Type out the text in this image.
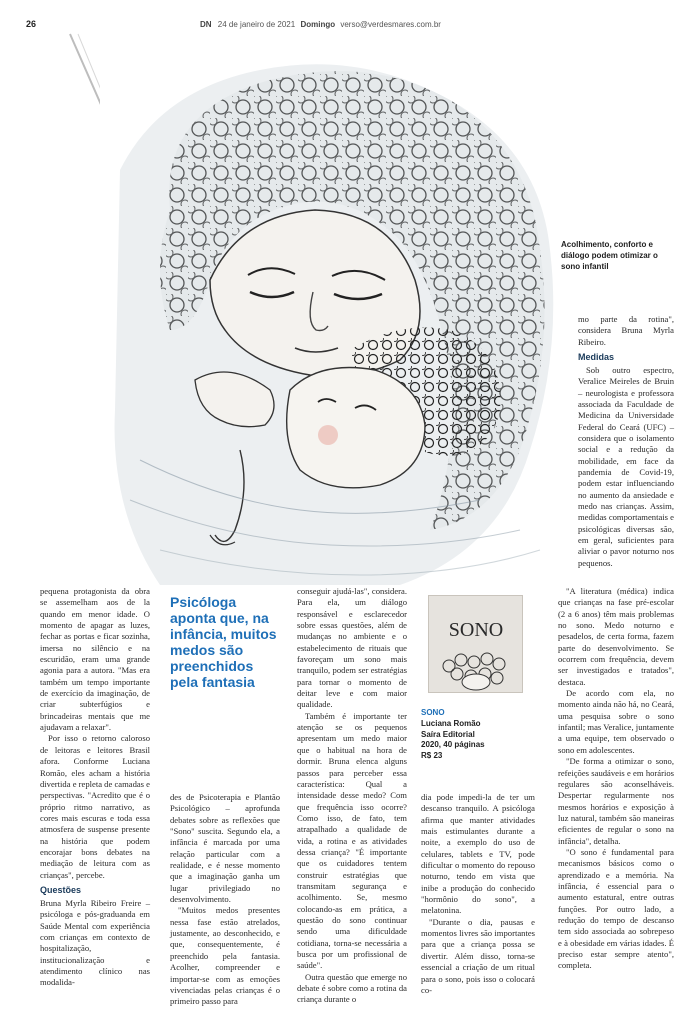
26	DN 24 de janeiro de 2021 Domingo verso@verdesmares.com.br
Acolhimento, conforto e diálogo podem otimizar o sono infantil

mo parte da rotina", considera Bruna Myrla Ribeiro.

Medidas

Sob outro espectro, Veralice Meireles de Bruin – neurologista e professora associada da Faculdade de Medicina da Universidade Federal do Ceará (UFC) – considera que o isolamento social e a redução da mobilidade, em face da pandemia de Covid-19, podem estar influenciando no aumento da ansiedade e medo nas crianças. Assim, medidas comportamentais e psicológicas diversas são, em geral, suficientes para aliviar o pavor noturno nos pequenos.

pequena protagonista da obra se assemelham aos de la quando em menor idade. O momento de apagar as luzes, fechar as portas e ficar sozinha, imersa no silêncio e na escuridão, eram uma grande agonia para a autora. "Mas era também um tempo importante de exercício da imaginação, de criar subterfúgios e brincadeiras mentais que me ajudavam a relaxar".

Por isso o retorno caloroso de leitoras e leitores Brasil afora. Conforme Luciana Romão, eles acham a história divertida e repleta de camadas e perspectivas. "Acredito que é o próprio ritmo narrativo, as cores mais escuras e toda essa atmosfera de suspense presente na história que podem encorajar bons debates na mediação de leitura com as crianças", percebe.

Questões

Bruna Myrla Ribeiro Freire – psicóloga e pós-graduanda em Saúde Mental com experiência com crianças em contexto de hospitalização, institucionalização e atendimento clínico nas modalida-

Psicóloga aponta que, na infância, muitos medos são preenchidos pela fantasia

des de Psicoterapia e Plantão Psicológico – aprofunda debates sobre as reflexões que "Sono" suscita. Segundo ela, a infância é marcada por uma relação particular com a realidade, e é nesse momento que a imaginação ganha um lugar privilegiado no desenvolvimento.

"Muitos medos presentes nessa fase estão atrelados, justamente, ao desconhecido, e que, consequentemente, é preenchido pela fantasia. Acolher, compreender e importar-se com as emoções vivenciadas pelas crianças é o primeiro passo para

conseguir ajudá-las", considera. Para ela, um diálogo responsável e esclarecedor sobre essas questões, além de mudanças no ambiente e o estabelecimento de rituais que favoreçam um sono mais tranquilo, podem ser estratégias para tornar o momento de deitar leve e com maior qualidade.

Também é importante ter atenção se os pequenos apresentam um medo maior que o habitual na hora de dormir. Bruna elenca alguns passos para perceber essa característica: Qual a intensidade desse medo? Com que frequência isso ocorre? Como isso, de fato, tem atrapalhado a qualidade de vida, a rotina e as atividades dessa criança? "É importante que os cuidadores tentem construir estratégias que transmitam segurança e acolhimento. Se, mesmo colocando-as em prática, a questão do sono continuar sendo uma dificuldade cotidiana, torna-se necessária a busca por um profissional de saúde".

Outra questão que emerge no debate é sobre como a rotina da criança durante o

SONO
SONO
Luciana Romão
Saíra Editorial
2020, 40 páginas
R$ 23

dia pode impedi-la de ter um descanso tranquilo. A psicóloga afirma que manter atividades mais estimulantes durante a noite, a exemplo do uso de celulares, tablets e TV, pode dificultar o momento do repouso noturno, tendo em vista que inibe a produção do conhecido "hormônio do sono", a melatonina.

"Durante o dia, pausas e momentos livres são importantes para que a criança possa se divertir. Além disso, torna-se essencial a criação de um ritual para o sono, pois isso o colocará co-

"A literatura (médica) indica que crianças na fase pré-escolar (2 a 6 anos) têm mais problemas no sono. Medo noturno e pesadelos, de certa forma, fazem parte do desenvolvimento. Se ocorrem com frequência, devem ser investigados e tratados", destaca.

De acordo com ela, no momento ainda não há, no Ceará, uma pesquisa sobre o sono infantil; mas Veralice, juntamente a uma equipe, tem observado o sono em adolescentes.

"De forma a otimizar o sono, refeições saudáveis e em horários regulares são aconselháveis. Despertar regularmente nos mesmos horários e exposição à luz natural, também são maneiras eficientes de regular o sono na infância", detalha.

"O sono é fundamental para mecanismos básicos como o aprendizado e a memória. Na infância, é essencial para o aumento estatural, entre outras funções. Por outro lado, a redução do tempo de descanso tem sido associada ao sobrepeso e à obesidade em várias idades. É preciso estar sempre atento", completa.
